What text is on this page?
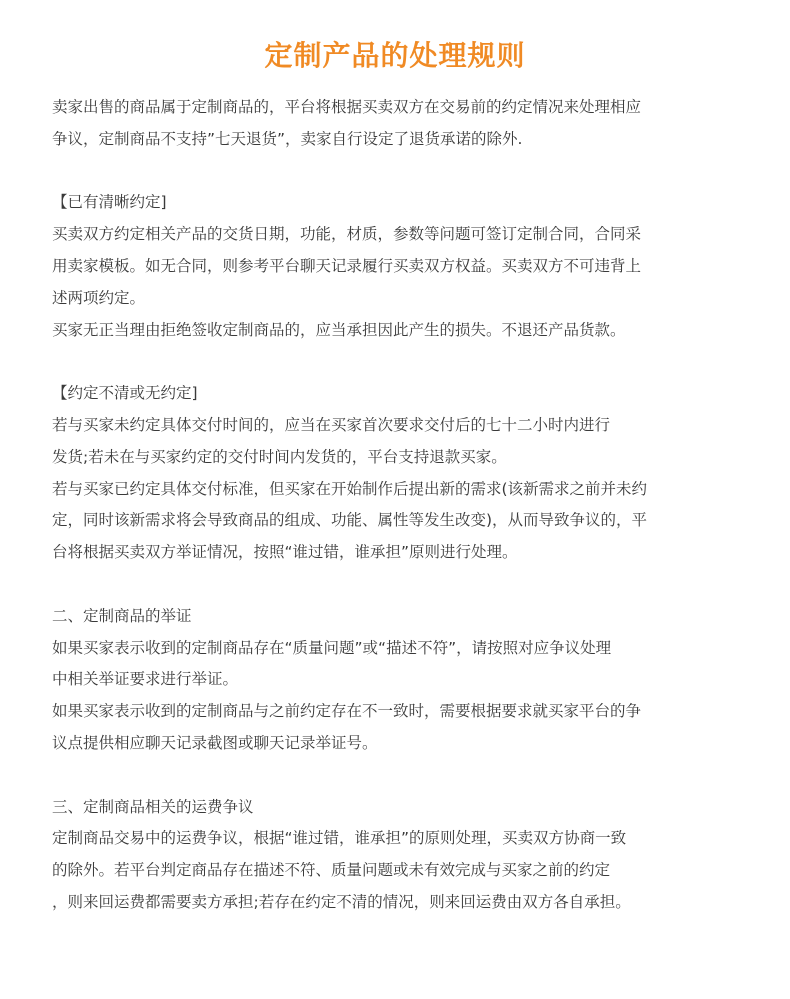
定制产品的处理规则

卖家出售的商品属于定制商品的，平台将根据买卖双方在交易前的约定情况来处理相应

争议，定制商品不支持”七天退货”，卖家自行设定了退货承诺的除外.

【已有清晰约定]

买卖双方约定相关产品的交货日期，功能，材质，参数等问题可签订定制合同，合同采

用卖家模板。如无合同，则参考平台聊天记录履行买卖双方权益。买卖双方不可违背上

述两项约定。

买家无正当理由拒绝签收定制商品的，应当承担因此产生的损失。不退还产品货款。

【约定不清或无约定]

若与买家未约定具体交付时间的，应当在买家首次要求交付后的七十二小时内进行

发货;若未在与买家约定的交付时间内发货的，平台支持退款买家。

若与买家已约定具体交付标准，但买家在开始制作后提出新的需求(该新需求之前并未约

定，同时该新需求将会导致商品的组成、功能、属性等发生改变)，从而导致争议的，平

台将根据买卖双方举证情况，按照“谁过错，谁承担”原则进行处理。

二、定制商品的举证

如果买家表示收到的定制商品存在“质量问题”或“描述不符”，请按照对应争议处理

中相关举证要求进行举证。

如果买家表示收到的定制商品与之前约定存在不一致时，需要根据要求就买家平台的争

议点提供相应聊天记录截图或聊天记录举证号。

三、定制商品相关的运费争议

定制商品交易中的运费争议，根据“谁过错，谁承担”的原则处理，买卖双方协商一致

的除外。若平台判定商品存在描述不符、质量问题或未有效完成与买家之前的约定

，则来回运费都需要卖方承担;若存在约定不清的情况，则来回运费由双方各自承担。
